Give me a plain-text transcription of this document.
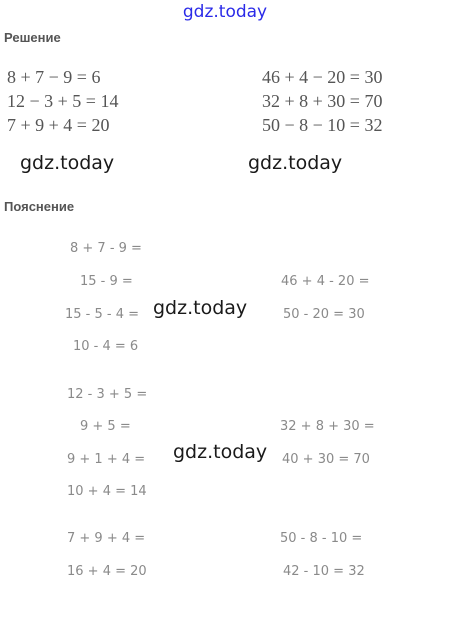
gdz.today
Решение
8 + 7 − 9 = 6
12 − 3 + 5 = 14
7 + 9 + 4 = 20
46 + 4 − 20 = 30
32 + 8 + 30 = 70
50 − 8 − 10 = 32
gdz.today	gdz.today
Пояснение
8 + 7 - 9 =
15 - 9 =
15 - 5 - 4 =
10 - 4 = 6
46 + 4 - 20 =
50 - 20 = 30
gdz.today
12 - 3 + 5 =
9 + 5 =
9 + 1 + 4 =
10 + 4 = 14
32 + 8 + 30 =
40 + 30 = 70
gdz.today
7 + 9 + 4 =
16 + 4 = 20
50 - 8 - 10 =
42 - 10 = 32
